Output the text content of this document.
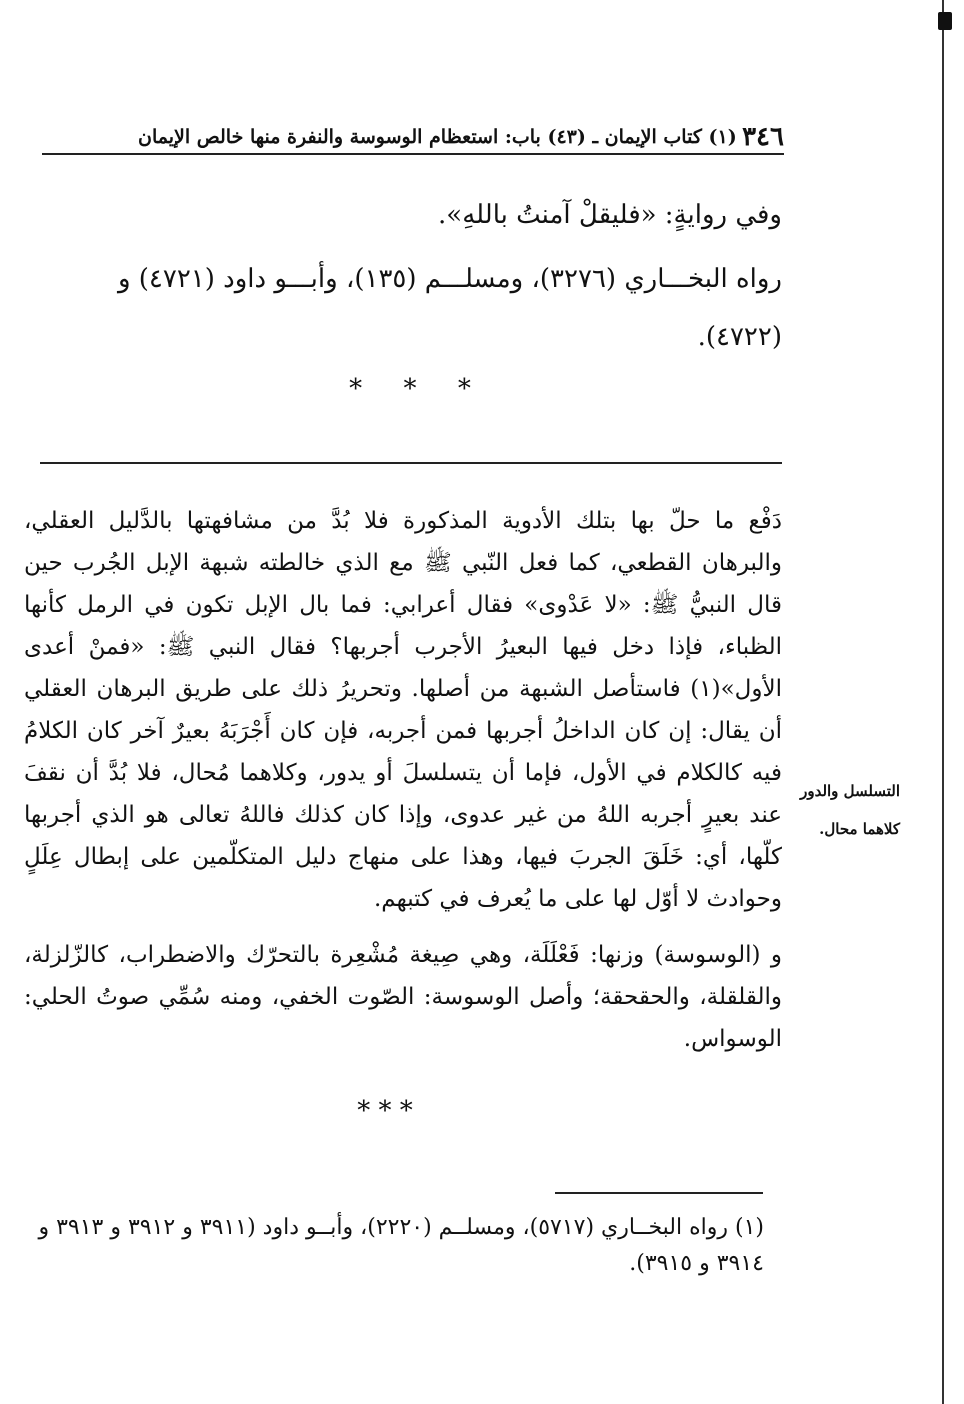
٣٤٦
(١) كتاب الإيمان ـ (٤٣) باب: استعظام الوسوسة والنفرة منها خالص الإيمان

وفي روايةٍ: «فليقلْ آمنتُ باللهِ».

رواه البخـــاري (٣٢٧٦)، ومسلـــم (١٣٥)، وأبـــو داود (٤٧٢١) و (٤٧٢٢).

*     *     *

دَفْع ما حلّ بها بتلك الأدوية المذكورة فلا بُدَّ من مشافهتها بالدَّليل العقلي، والبرهان القطعي، كما فعل النّبي ﷺ مع الذي خالطته شبهة الإبل الجُرب حين قال النبيُّ ﷺ: «لا عَدْوى» فقال أعرابي: فما بال الإبل تكون في الرمل كأنها الظباء، فإذا دخل فيها البعيرُ الأجرب أجربها؟ فقال النبي ﷺ: «فمنْ أعدى الأول»(١) فاستأصل الشبهة من أصلها. وتحريرُ ذلك على طريق البرهان العقلي أن يقال: إن كان الداخلُ أجربها فمن أجربه، فإن كان أَجْرَبَهُ بعيرٌ آخر كان الكلامُ فيه كالكلام في الأول، فإما أن يتسلسلَ أو يدور، وكلاهما مُحال، فلا بُدَّ أن نقفَ عند بعيرٍ أجربه اللهُ من غير عدوى، وإذا كان كذلك فاللهُ تعالى هو الذي أجربها كلّها، أي: خَلَقَ الجربَ فيها، وهذا على منهاج دليل المتكلّمين على إبطال عِلَلٍ وحوادث لا أوّل لها على ما يُعرف في كتبهم.

و (الوسوسة) وزنها: فَعْلَلَة، وهي صِيغة مُشْعِرة بالتحرّك والاضطراب، كالزّلزلة، والقلقلة، والحقحقة؛ وأصل الوسوسة: الصّوت الخفي، ومنه سُمِّي صوتُ الحلي: الوسواس.

التسلسل والدور
كلاهما محال.
* * *

(١) رواه البخــاري (٥٧١٧)، ومسلــم (٢٢٢٠)، وأبــو داود (٣٩١١ و ٣٩١٢ و ٣٩١٣ و ٣٩١٤ و ٣٩١٥).
